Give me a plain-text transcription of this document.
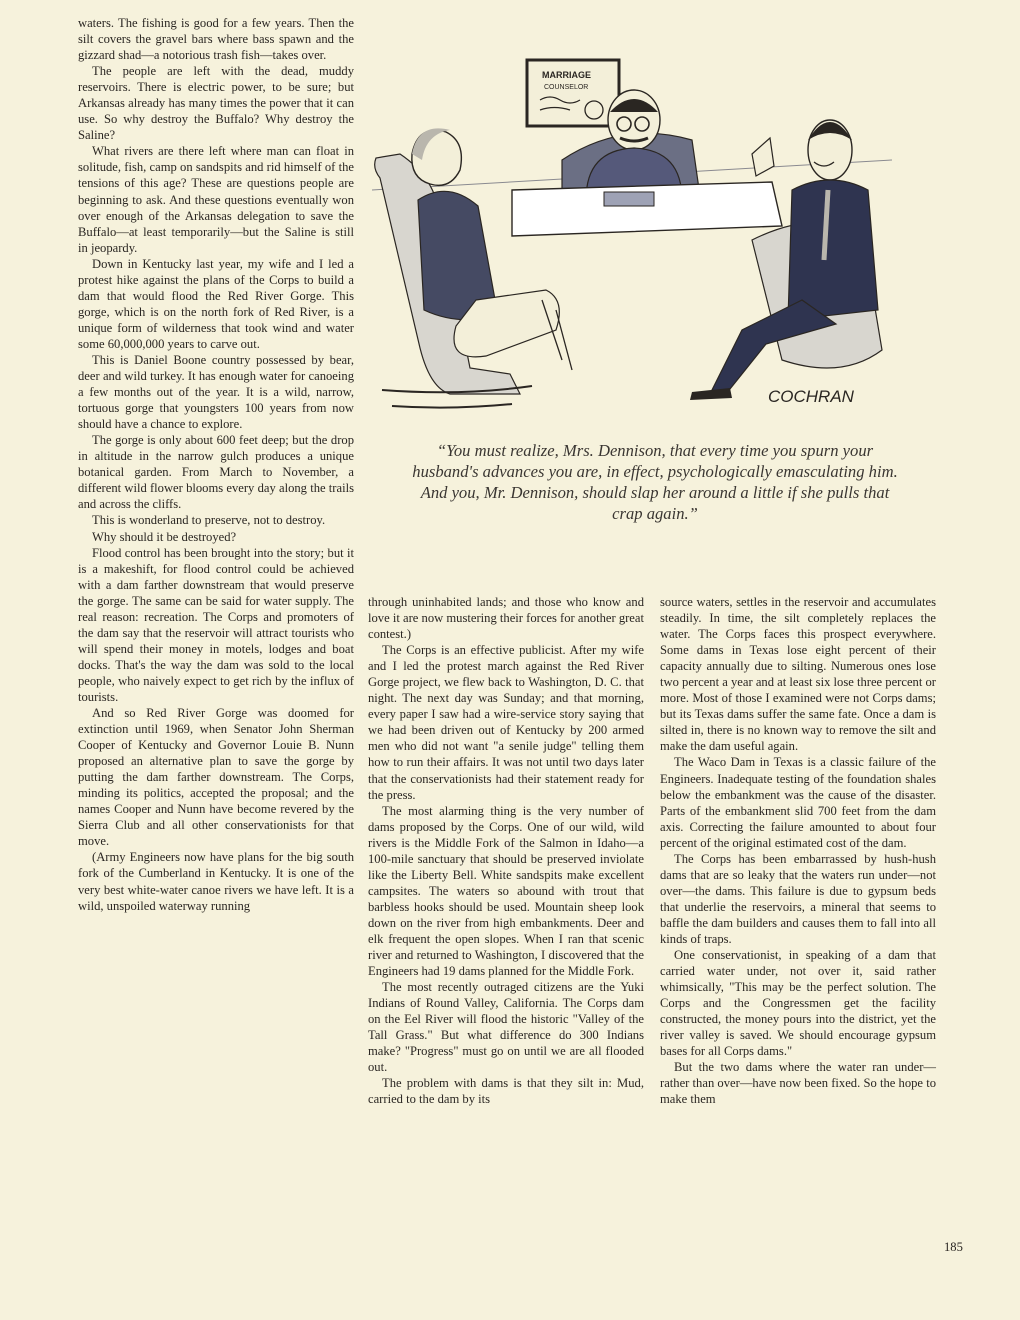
waters. The fishing is good for a few years. Then the silt covers the gravel bars where bass spawn and the gizzard shad—a notorious trash fish—takes over.

The people are left with the dead, muddy reservoirs. There is electric power, to be sure; but Arkansas already has many times the power that it can use. So why destroy the Buffalo? Why destroy the Saline?

What rivers are there left where man can float in solitude, fish, camp on sandspits and rid himself of the tensions of this age? These are questions people are beginning to ask. And these questions eventually won over enough of the Arkansas delegation to save the Buffalo—at least temporarily—but the Saline is still in jeopardy.

Down in Kentucky last year, my wife and I led a protest hike against the plans of the Corps to build a dam that would flood the Red River Gorge. This gorge, which is on the north fork of Red River, is a unique form of wilderness that took wind and water some 60,000,000 years to carve out.

This is Daniel Boone country possessed by bear, deer and wild turkey. It has enough water for canoeing a few months out of the year. It is a wild, narrow, tortuous gorge that youngsters 100 years from now should have a chance to explore.

The gorge is only about 600 feet deep; but the drop in altitude in the narrow gulch produces a unique botanical garden. From March to November, a different wild flower blooms every day along the trails and across the cliffs.

This is wonderland to preserve, not to destroy.

Why should it be destroyed?

Flood control has been brought into the story; but it is a makeshift, for flood control could be achieved with a dam farther downstream that would preserve the gorge. The same can be said for water supply. The real reason: recreation. The Corps and promoters of the dam say that the reservoir will attract tourists who will spend their money in motels, lodges and boat docks. That's the way the dam was sold to the local people, who naively expect to get rich by the influx of tourists.

And so Red River Gorge was doomed for extinction until 1969, when Senator John Sherman Cooper of Kentucky and Governor Louie B. Nunn proposed an alternative plan to save the gorge by putting the dam farther downstream. The Corps, minding its politics, accepted the proposal; and the names Cooper and Nunn have become revered by the Sierra Club and all other conservationists for that move.

(Army Engineers now have plans for the big south fork of the Cumberland in Kentucky. It is one of the very best white-water canoe rivers we have left. It is a wild, unspoiled waterway running

MARRIAGE
COUNSELOR
COCHRAN
“You must realize, Mrs. Dennison, that every time you spurn your husband's advances you are, in effect, psychologically emasculating him. And you, Mr. Dennison, should slap her around a little if she pulls that crap again.”

through uninhabited lands; and those who know and love it are now mustering their forces for another great contest.)

The Corps is an effective publicist. After my wife and I led the protest march against the Red River Gorge project, we flew back to Washington, D. C. that night. The next day was Sunday; and that morning, every paper I saw had a wire-service story saying that we had been driven out of Kentucky by 200 armed men who did not want "a senile judge" telling them how to run their affairs. It was not until two days later that the conservationists had their statement ready for the press.

The most alarming thing is the very number of dams proposed by the Corps. One of our wild, wild rivers is the Middle Fork of the Salmon in Idaho—a 100-mile sanctuary that should be preserved inviolate like the Liberty Bell. White sandspits make excellent campsites. The waters so abound with trout that barbless hooks should be used. Mountain sheep look down on the river from high embankments. Deer and elk frequent the open slopes. When I ran that scenic river and returned to Washington, I discovered that the Engineers had 19 dams planned for the Middle Fork.

The most recently outraged citizens are the Yuki Indians of Round Valley, California. The Corps dam on the Eel River will flood the historic "Valley of the Tall Grass." But what difference do 300 Indians make? "Progress" must go on until we are all flooded out.

The problem with dams is that they silt in: Mud, carried to the dam by its

source waters, settles in the reservoir and accumulates steadily. In time, the silt completely replaces the water. The Corps faces this prospect everywhere. Some dams in Texas lose eight percent of their capacity annually due to silting. Numerous ones lose two percent a year and at least six lose three percent or more. Most of those I examined were not Corps dams; but its Texas dams suffer the same fate. Once a dam is silted in, there is no known way to remove the silt and make the dam useful again.

The Waco Dam in Texas is a classic failure of the Engineers. Inadequate testing of the foundation shales below the embankment was the cause of the disaster. Parts of the embankment slid 700 feet from the dam axis. Correcting the failure amounted to about four percent of the original estimated cost of the dam.

The Corps has been embarrassed by hush-hush dams that are so leaky that the waters run under—not over—the dams. This failure is due to gypsum beds that underlie the reservoirs, a mineral that seems to baffle the dam builders and causes them to fall into all kinds of traps.

One conservationist, in speaking of a dam that carried water under, not over it, said rather whimsically, "This may be the perfect solution. The Corps and the Congressmen get the facility constructed, the money pours into the district, yet the river valley is saved. We should encourage gypsum bases for all Corps dams."

But the two dams where the water ran under—rather than over—have now been fixed. So the hope to make them

185
